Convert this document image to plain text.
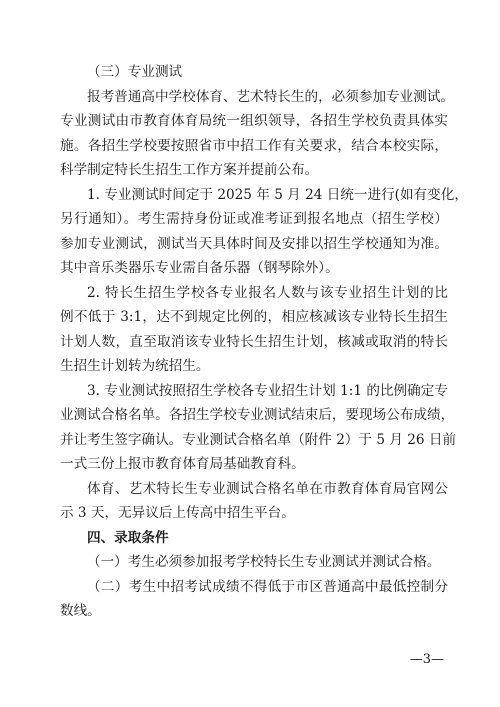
（三）专业测试
报考普通高中学校体育、艺术特长生的，必须参加专业测试。
专业测试由市教育体育局统一组织领导，各招生学校负责具体实
施。各招生学校要按照省市中招工作有关要求，结合本校实际，
科学制定特长生招生工作方案并提前公布。
1. 专业测试时间定于 2025 年 5 月 24 日统一进行(如有变化，
另行通知）。考生需持身份证或准考证到报名地点（招生学校）
参加专业测试，测试当天具体时间及安排以招生学校通知为准。
其中音乐类器乐专业需自备乐器（钢琴除外）。
2. 特长生招生学校各专业报名人数与该专业招生计划的比
例不低于 3:1，达不到规定比例的，相应核减该专业特长生招生
计划人数，直至取消该专业特长生招生计划，核减或取消的特长
生招生计划转为统招生。
3. 专业测试按照招生学校各专业招生计划 1:1 的比例确定专
业测试合格名单。各招生学校专业测试结束后，要现场公布成绩，
并让考生签字确认。专业测试合格名单（附件 2）于 5 月 26 日前
一式三份上报市教育体育局基础教育科。
体育、艺术特长生专业测试合格名单在市教育体育局官网公
示 3 天，无异议后上传高中招生平台。
四、录取条件
（一）考生必须参加报考学校特长生专业测试并测试合格。
（二）考生中招考试成绩不得低于市区普通高中最低控制分
数线。
—3—
